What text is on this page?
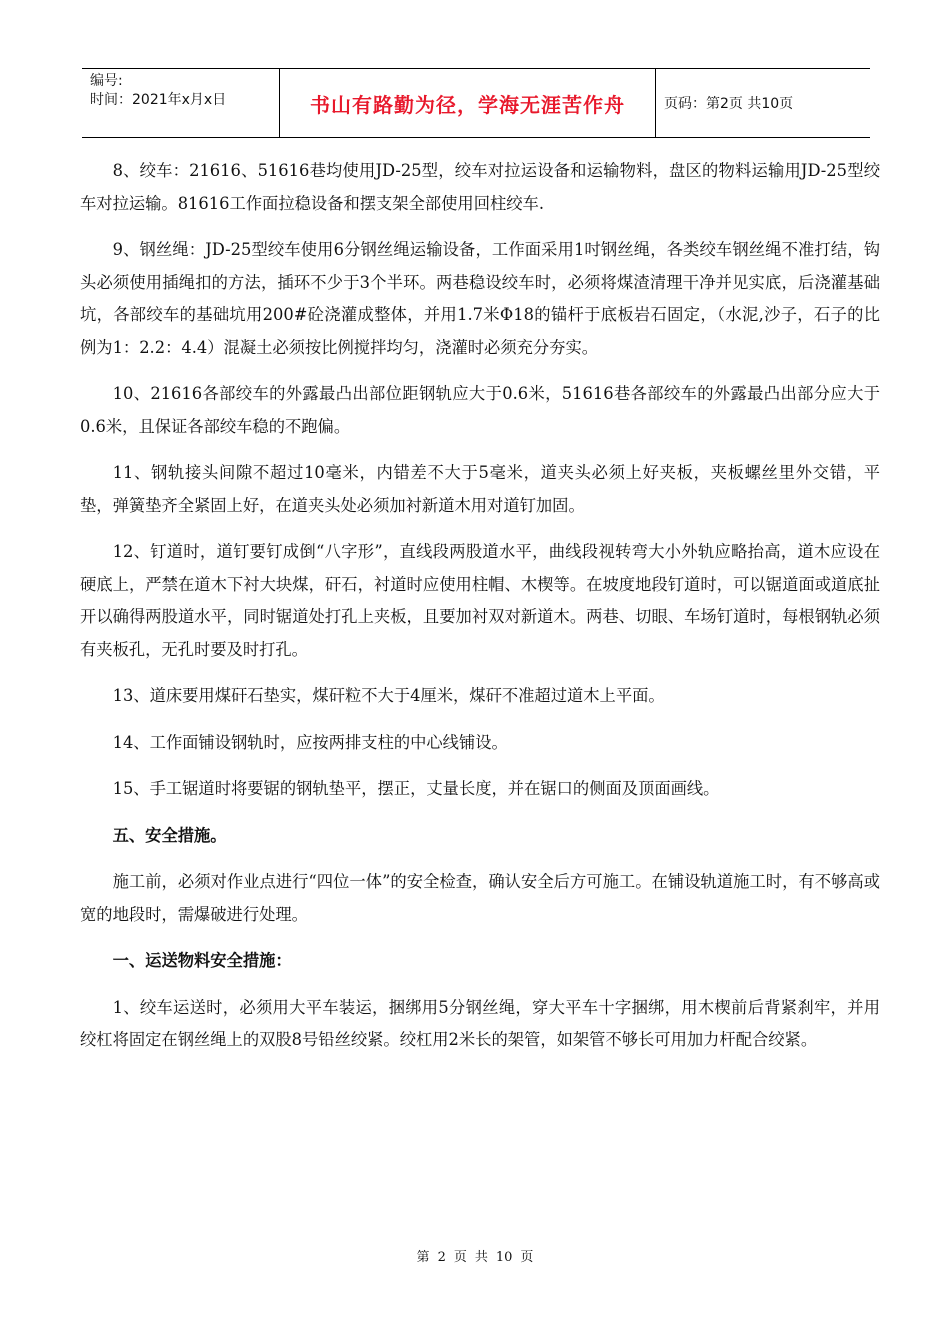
编号:
时间：2021年x月x日	书山有路勤为径，学海无涯苦作舟	页码：第2页 共10页

8、绞车：21616、51616巷均使用JD-25型，绞车对拉运设备和运输物料，盘区的物料运输用JD-25型绞车对拉运输。81616工作面拉稳设备和摆支架全部使用回柱绞车.

9、钢丝绳：JD-25型绞车使用6分钢丝绳运输设备，工作面采用1吋钢丝绳，各类绞车钢丝绳不准打结，钩头必须使用插绳扣的方法，插环不少于3个半环。两巷稳设绞车时，必须将煤渣清理干净并见实底，后浇灌基础坑，各部绞车的基础坑用200#砼浇灌成整体，并用1.7米Φ18的锚杆于底板岩石固定，（水泥,沙子，石子的比例为1：2.2：4.4）混凝土必须按比例搅拌均匀，浇灌时必须充分夯实。

10、21616各部绞车的外露最凸出部位距钢轨应大于0.6米，51616巷各部绞车的外露最凸出部分应大于0.6米，且保证各部绞车稳的不跑偏。

11、钢轨接头间隙不超过10毫米，内错差不大于5毫米，道夹头必须上好夹板，夹板螺丝里外交错，平垫，弹簧垫齐全紧固上好，在道夹头处必须加衬新道木用对道钉加固。

12、钉道时，道钉要钉成倒“八字形”，直线段两股道水平，曲线段视转弯大小外轨应略抬高，道木应设在硬底上，严禁在道木下衬大块煤，矸石，衬道时应使用柱帽、木楔等。在坡度地段钉道时，可以锯道面或道底扯开以确得两股道水平，同时锯道处打孔上夹板，且要加衬双对新道木。两巷、切眼、车场钉道时，每根钢轨必须有夹板孔，无孔时要及时打孔。

13、道床要用煤矸石垫实，煤矸粒不大于4厘米，煤矸不准超过道木上平面。

14、工作面铺设钢轨时，应按两排支柱的中心线铺设。

15、手工锯道时将要锯的钢轨垫平，摆正，丈量长度，并在锯口的侧面及顶面画线。

五、安全措施。

施工前，必须对作业点进行“四位一体”的安全检查，确认安全后方可施工。在铺设轨道施工时，有不够高或宽的地段时，需爆破进行处理。

一、运送物料安全措施：

1、绞车运送时，必须用大平车装运，捆绑用5分钢丝绳，穿大平车十字捆绑，用木楔前后背紧刹牢，并用绞杠将固定在钢丝绳上的双股8号铅丝绞紧。绞杠用2米长的架管，如架管不够长可用加力杆配合绞紧。

第 2 页 共 10 页
